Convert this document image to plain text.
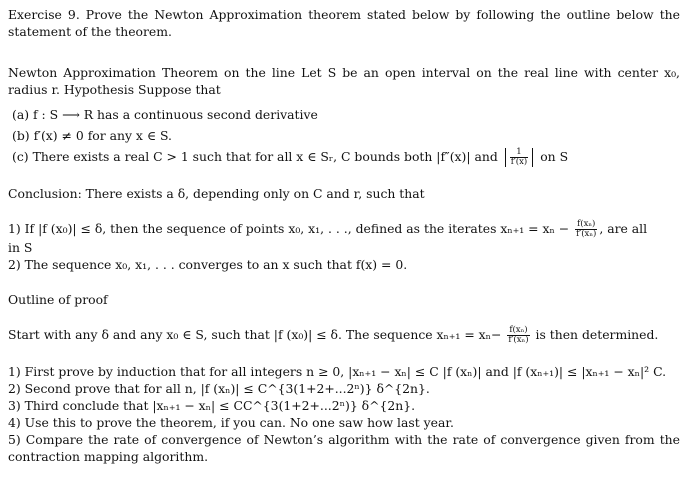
Exercise 9. Prove the Newton Approximation theorem stated below by following the outline below the statement of the theorem.

Newton Approximation Theorem on the line Let S be an open interval on the real line with center x₀, radius r. Hypothesis Suppose that

(a) f : S ⟶ R has a continuous second derivative
(b) f′(x) ≠ 0 for any x ∈ S.
(c) There exists a real C > 1 such that for all x ∈ Sᵣ, C bounds both |f″(x)| and $\frac{1}{f'(x)}$ on S

Conclusion: There exists a δ, depending only on C and r, such that

1) If |f (x₀)| ≤ δ, then the sequence of points x₀, x₁, . . ., defined as the iterates $x_{n+1} = x_n - \frac{\text{f(xₙ)}}{\text{f′(xₙ)}}$ , are all
in S
2) The sequence x₀, x₁, . . . converges to an x such that f(x) = 0.

Outline of proof

Start with any δ and any x₀ ∈ S, such that |f (x₀)| ≤ δ. The sequence $x_{n+1} = x_n- \frac{\text{f(xₙ)}}{\text{f′(xₙ)}}$ is then determined.
1) First prove by induction that for all integers n ≥ 0, |xₙ₊₁ − xₙ| ≤ C |f (xₙ)| and |f (xₙ₊₁)| ≤ |xₙ₊₁ − xₙ|² C.
2) Second prove that for all n, |f (xₙ)| ≤ C^{3(1+2+...2ⁿ)} δ^{2n}.
3) Third conclude that |xₙ₊₁ − xₙ| ≤ CC^{3(1+2+...2ⁿ)} δ^{2n}.
4) Use this to prove the theorem, if you can. No one saw how last year.
5) Compare the rate of convergence of Newton’s algorithm with the rate of convergence given from the contraction mapping algorithm.
